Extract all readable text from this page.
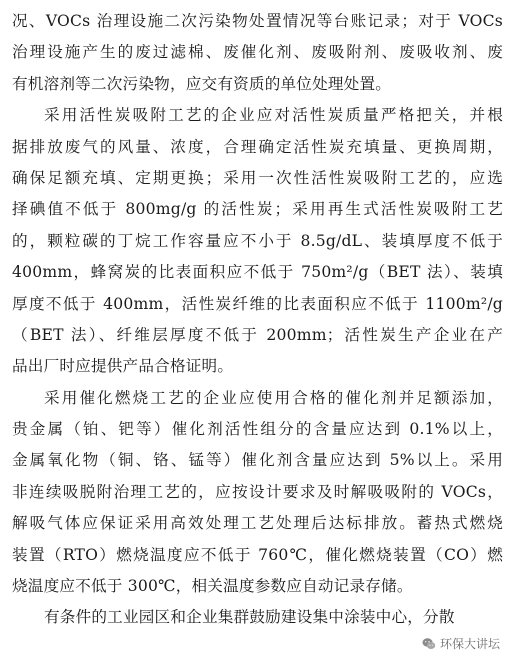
况、VOCs 治理设施二次污染物处置情况等台账记录；对于 VOCs
治理设施产生的废过滤棉、废催化剂、废吸附剂、废吸收剂、废
有机溶剂等二次污染物，应交有资质的单位处理处置。
采用活性炭吸附工艺的企业应对活性炭质量严格把关，并根
据排放废气的风量、浓度，合理确定活性炭充填量、更换周期，
确保足额充填、定期更换；采用一次性活性炭吸附工艺的，应选
择碘值不低于 800mg/g 的活性炭；采用再生式活性炭吸附工艺
的，颗粒碳的丁烷工作容量应不小于 8.5g/dL、装填厚度不低于
400mm，蜂窝炭的比表面积应不低于 750m²/g（BET 法）、装填
厚度不低于 400mm，活性炭纤维的比表面积应不低于 1100m²/g
（BET 法）、纤维层厚度不低于 200mm；活性炭生产企业在产
品出厂时应提供产品合格证明。
采用催化燃烧工艺的企业应使用合格的催化剂并足额添加，
贵金属（铂、钯等）催化剂活性组分的含量应达到 0.1%以上，
金属氧化物（铜、铬、锰等）催化剂含量应达到 5%以上。采用
非连续吸脱附治理工艺的，应按设计要求及时解吸吸附的 VOCs，
解吸气体应保证采用高效处理工艺处理后达标排放。蓄热式燃烧
装置（RTO）燃烧温度应不低于 760℃，催化燃烧装置（CO）燃
烧温度应不低于 300℃，相关温度参数应自动记录存储。
有条件的工业园区和企业集群鼓励建设集中涂装中心，分散
环保大讲坛
